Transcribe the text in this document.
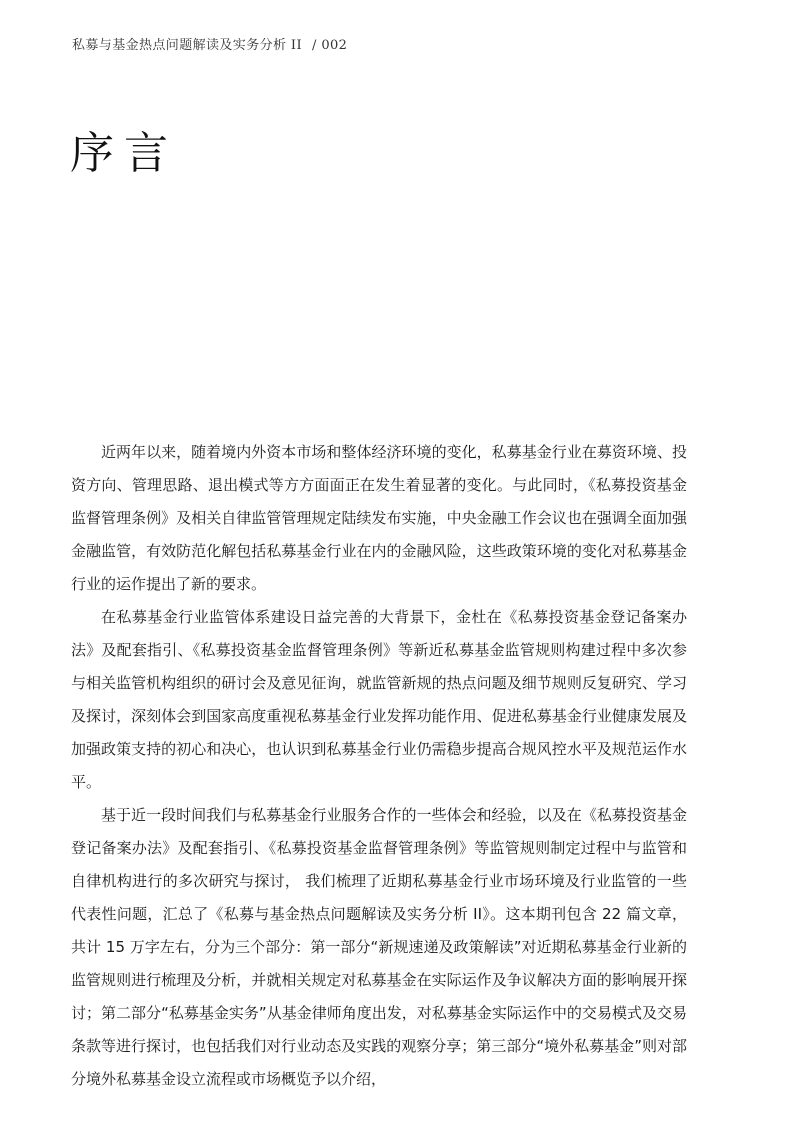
私募与基金热点问题解读及实务分析 II / 002
序言

近两年以来，随着境内外资本市场和整体经济环境的变化，私募基金行业在募资环境、投资方向、管理思路、退出模式等方方面面正在发生着显著的变化。与此同时，《私募投资基金监督管理条例》及相关自律监管管理规定陆续发布实施，中央金融工作会议也在强调全面加强金融监管，有效防范化解包括私募基金行业在内的金融风险，这些政策环境的变化对私募基金行业的运作提出了新的要求。

在私募基金行业监管体系建设日益完善的大背景下，金杜在《私募投资基金登记备案办法》及配套指引、《私募投资基金监督管理条例》等新近私募基金监管规则构建过程中多次参与相关监管机构组织的研讨会及意见征询，就监管新规的热点问题及细节规则反复研究、学习及探讨，深刻体会到国家高度重视私募基金行业发挥功能作用、促进私募基金行业健康发展及加强政策支持的初心和决心，也认识到私募基金行业仍需稳步提高合规风控水平及规范运作水平。

基于近一段时间我们与私募基金行业服务合作的一些体会和经验，以及在《私募投资基金登记备案办法》及配套指引、《私募投资基金监督管理条例》等监管规则制定过程中与监管和自律机构进行的多次研究与探讨， 我们梳理了近期私募基金行业市场环境及行业监管的一些代表性问题，汇总了《私募与基金热点问题解读及实务分析 II》。这本期刊包含 22 篇文章，共计 15 万字左右，分为三个部分：第一部分“新规速递及政策解读”对近期私募基金行业新的监管规则进行梳理及分析，并就相关规定对私募基金在实际运作及争议解决方面的影响展开探讨；第二部分“私募基金实务”从基金律师角度出发，对私募基金实际运作中的交易模式及交易条款等进行探讨，也包括我们对行业动态及实践的观察分享；第三部分“境外私募基金”则对部分境外私募基金设立流程或市场概览予以介绍，
